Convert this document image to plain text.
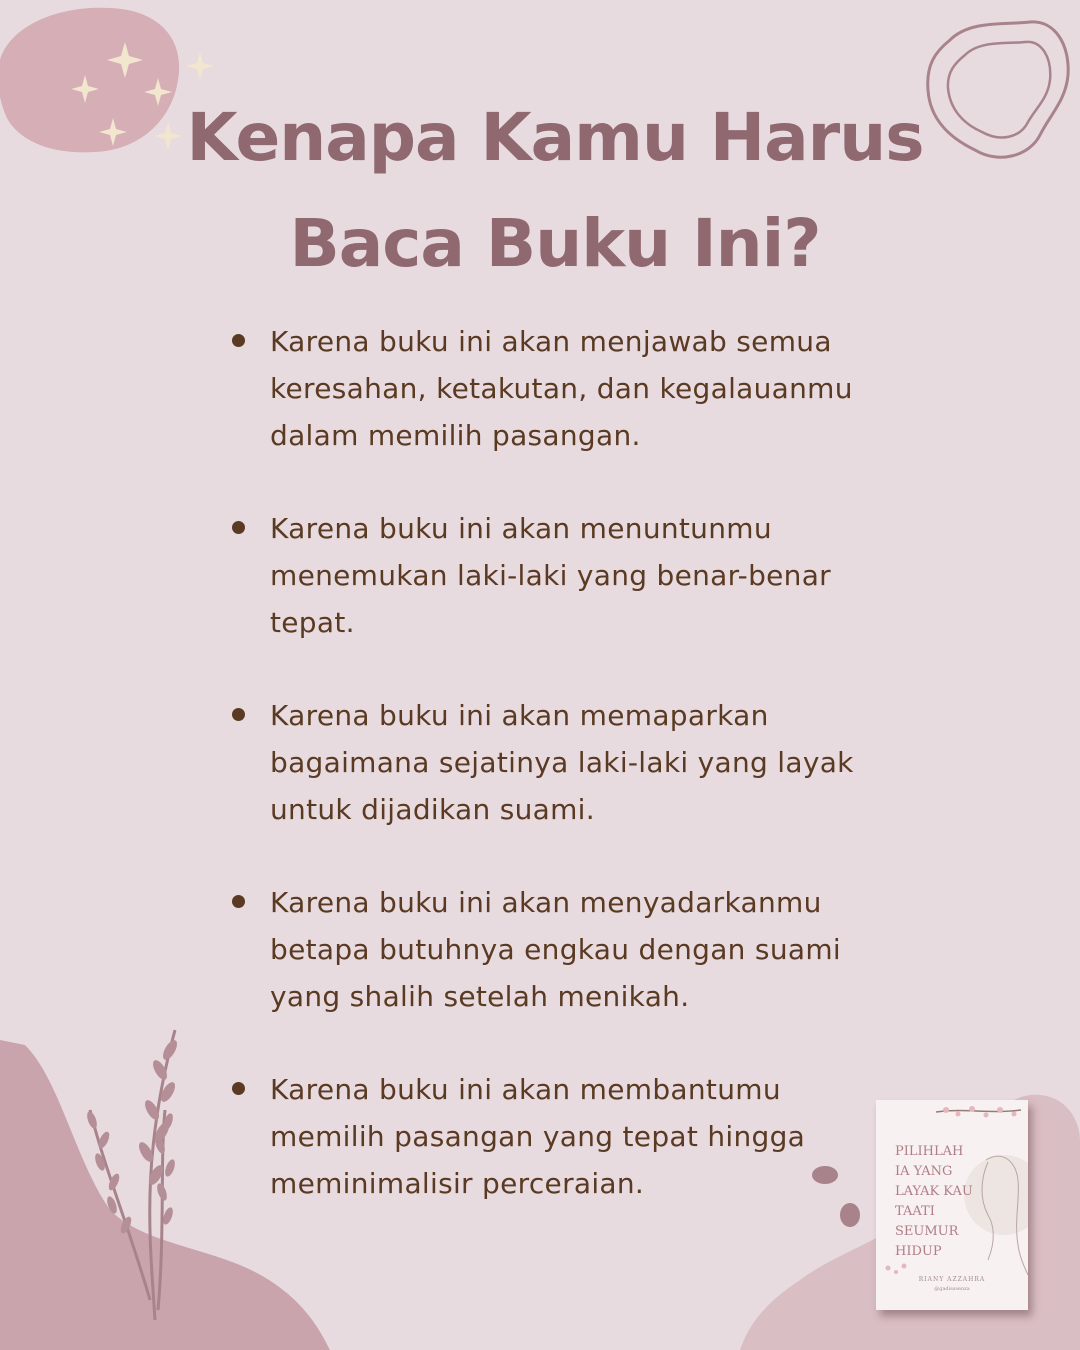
Kenapa Kamu Harus
Baca Buku Ini?
Karena buku ini akan menjawab semua keresahan, ketakutan, dan kegalauanmu dalam memilih pasangan.
Karena buku ini akan menuntunmu menemukan laki-laki yang benar-benar tepat.
Karena buku ini akan memaparkan bagaimana sejatinya laki-laki yang layak untuk dijadikan suami.
Karena buku ini akan menyadarkanmu betapa butuhnya engkau dengan suami yang shalih setelah menikah.
Karena buku ini akan membantumu memilih pasangan yang tepat hingga meminimalisir perceraian.
PILIHLAH
IA YANG
LAYAK KAU
TAATI
SEUMUR
HIDUP
RIANY AZZAHRA
@gadisssenza
